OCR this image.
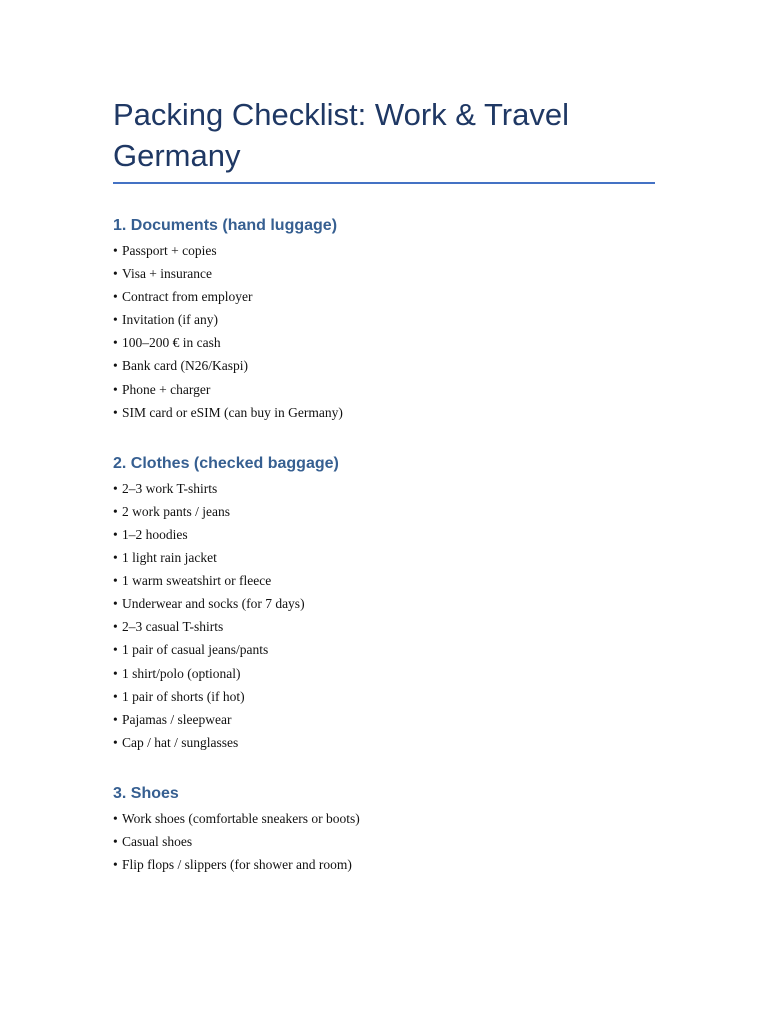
Packing Checklist: Work & Travel Germany
1. Documents (hand luggage)
• Passport + copies
• Visa + insurance
• Contract from employer
• Invitation (if any)
• 100–200 € in cash
• Bank card (N26/Kaspi)
• Phone + charger
• SIM card or eSIM (can buy in Germany)
2. Clothes (checked baggage)
• 2–3 work T-shirts
• 2 work pants / jeans
• 1–2 hoodies
• 1 light rain jacket
• 1 warm sweatshirt or fleece
• Underwear and socks (for 7 days)
• 2–3 casual T-shirts
• 1 pair of casual jeans/pants
• 1 shirt/polo (optional)
• 1 pair of shorts (if hot)
• Pajamas / sleepwear
• Cap / hat / sunglasses
3. Shoes
• Work shoes (comfortable sneakers or boots)
• Casual shoes
• Flip flops / slippers (for shower and room)
